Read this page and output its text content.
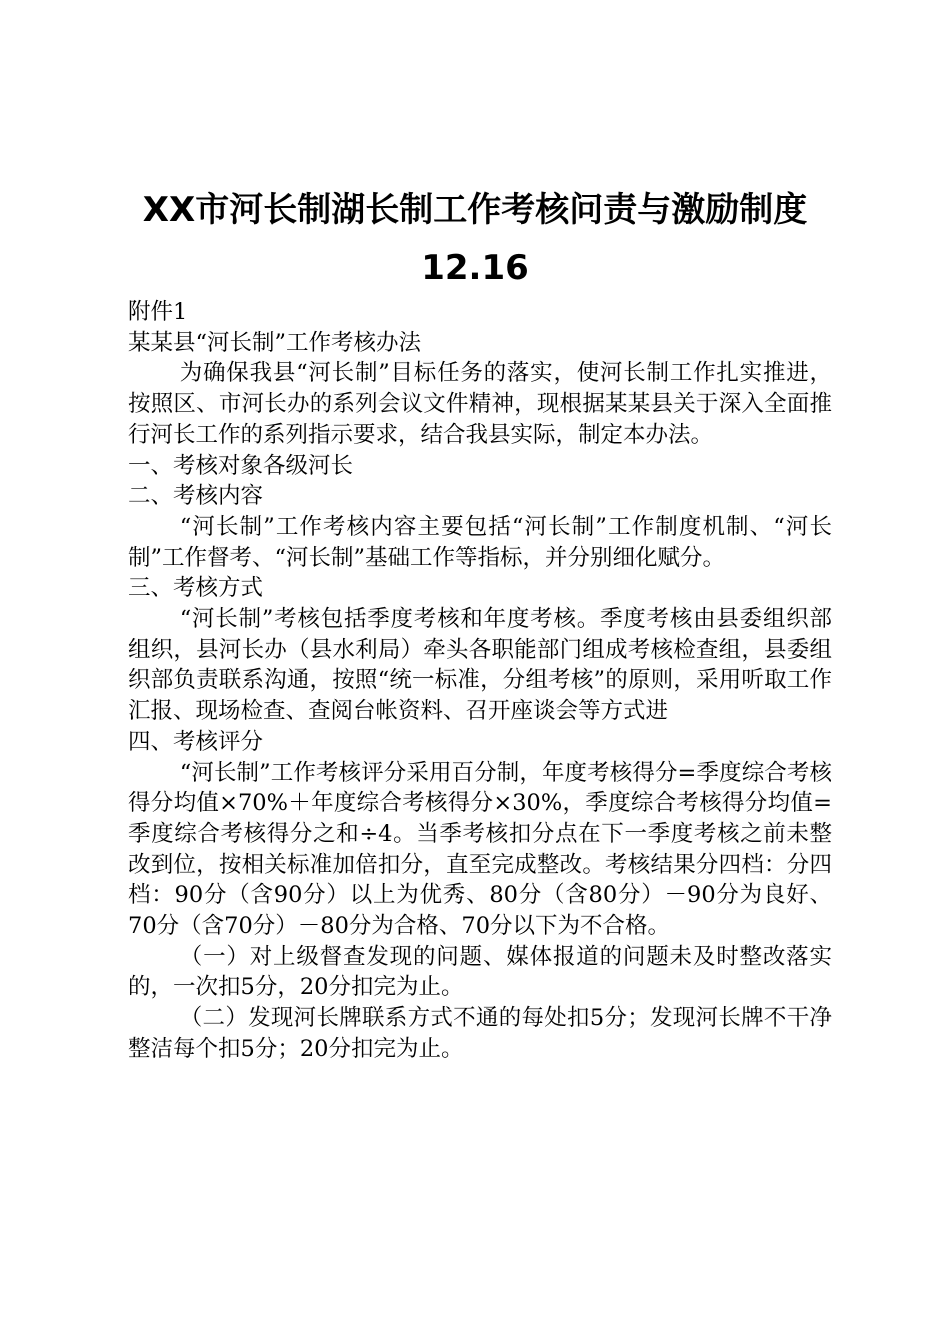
XX市河长制湖长制工作考核问责与激励制度
12.16

附件1

某某县“河长制”工作考核办法

为确保我县“河长制”目标任务的落实，使河长制工作扎实推进，按照区、市河长办的系列会议文件精神，现根据某某县关于深入全面推行河长工作的系列指示要求，结合我县实际，制定本办法。

一、考核对象各级河长

二、考核内容

“河长制”工作考核内容主要包括“河长制”工作制度机制、“河长制”工作督考、“河长制”基础工作等指标，并分别细化赋分。

三、考核方式

“河长制”考核包括季度考核和年度考核。季度考核由县委组织部组织，县河长办（县水利局）牵头各职能部门组成考核检查组，县委组织部负责联系沟通，按照“统一标准，分组考核”的原则，采用听取工作汇报、现场检查、查阅台帐资料、召开座谈会等方式进

四、考核评分

“河长制”工作考核评分采用百分制，年度考核得分=季度综合考核得分均值×70%＋年度综合考核得分×30%，季度综合考核得分均值=季度综合考核得分之和÷4。当季考核扣分点在下一季度考核之前未整改到位，按相关标准加倍扣分，直至完成整改。考核结果分四档：分四档：90分（含90分）以上为优秀、80分（含80分）－90分为良好、70分（含70分）－80分为合格、70分以下为不合格。

（一）对上级督查发现的问题、媒体报道的问题未及时整改落实的，一次扣5分，20分扣完为止。

（二）发现河长牌联系方式不通的每处扣5分；发现河长牌不干净整洁每个扣5分；20分扣完为止。
